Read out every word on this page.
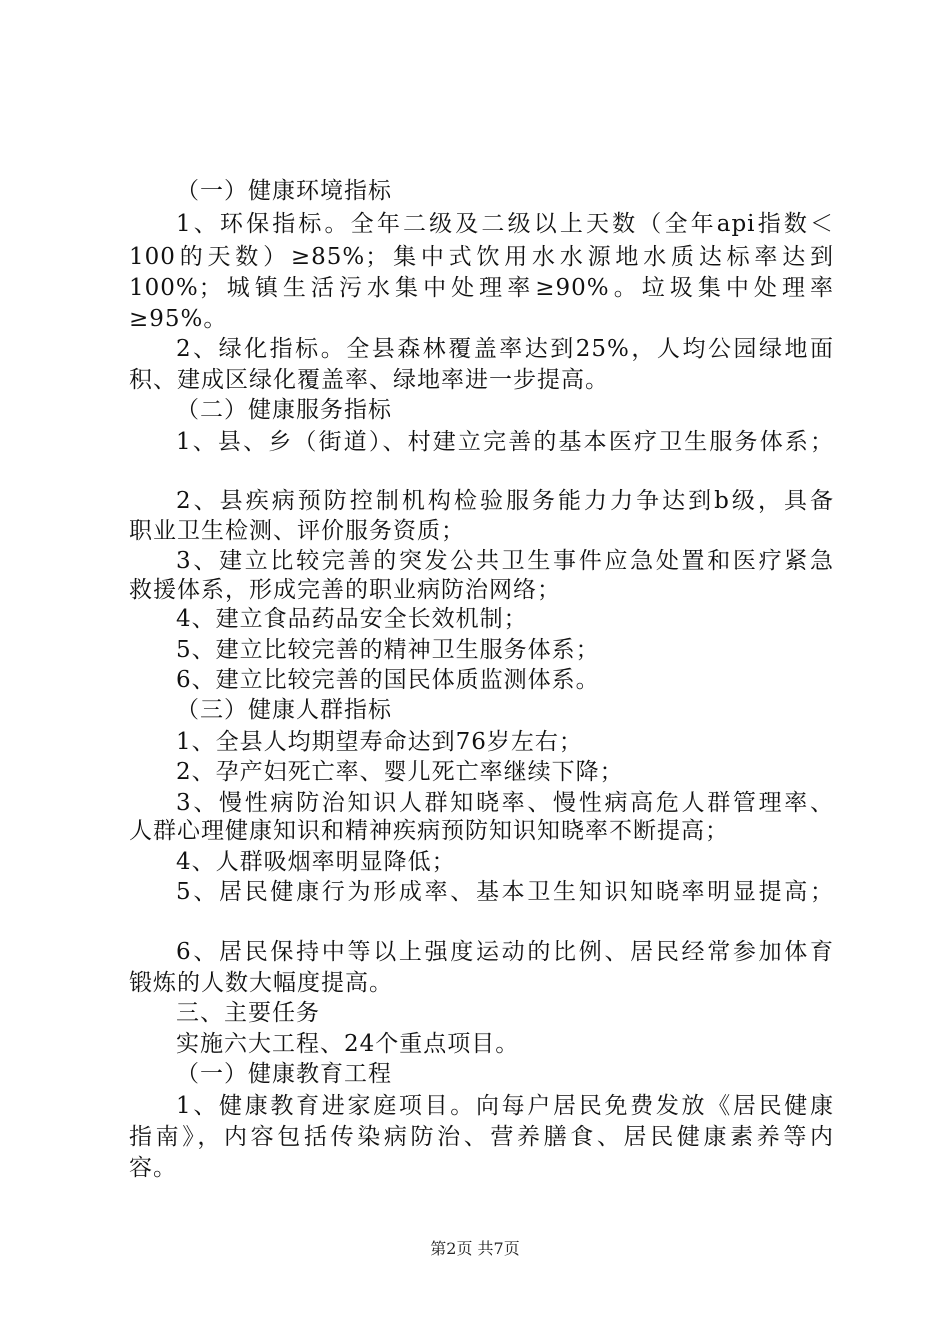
（一）健康环境指标
1、环保指标。全年二级及二级以上天数（全年api指数＜
100的天数）≥85%；集中式饮用水水源地水质达标率达到
100%；城镇生活污水集中处理率≥90%。垃圾集中处理率
≥95%。
2、绿化指标。全县森林覆盖率达到25%，人均公园绿地面
积、建成区绿化覆盖率、绿地率进一步提高。
（二）健康服务指标
1、县、乡（街道）、村建立完善的基本医疗卫生服务体系；
2、县疾病预防控制机构检验服务能力力争达到b级，具备
职业卫生检测、评价服务资质；
3、建立比较完善的突发公共卫生事件应急处置和医疗紧急
救援体系，形成完善的职业病防治网络；
4、建立食品药品安全长效机制；
5、建立比较完善的精神卫生服务体系；
6、建立比较完善的国民体质监测体系。
（三）健康人群指标
1、全县人均期望寿命达到76岁左右；
2、孕产妇死亡率、婴儿死亡率继续下降；
3、慢性病防治知识人群知晓率、慢性病高危人群管理率、
人群心理健康知识和精神疾病预防知识知晓率不断提高；
4、人群吸烟率明显降低；
5、居民健康行为形成率、基本卫生知识知晓率明显提高；
6、居民保持中等以上强度运动的比例、居民经常参加体育
锻炼的人数大幅度提高。
三、主要任务
实施六大工程、24个重点项目。
（一）健康教育工程
1、健康教育进家庭项目。向每户居民免费发放《居民健康
指南》，内容包括传染病防治、营养膳食、居民健康素养等内
容。
第2页 共7页
